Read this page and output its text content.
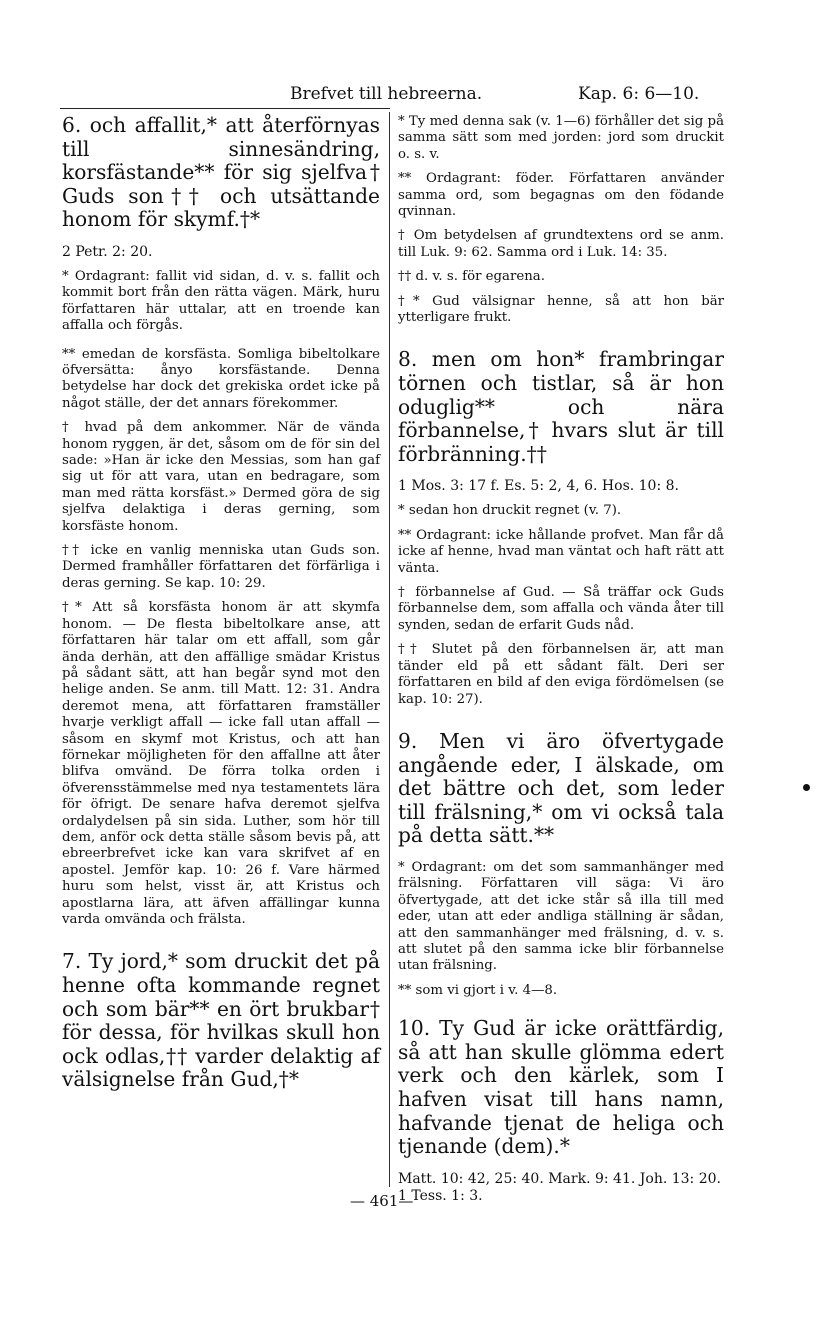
Brefvet till hebreerna.	Kap. 6: 6—10.

6. och affallit,* att återförnyas till sinnesändring, korsfästande** för sig sjelfva† Guds son†† och utsättande honom för skymf.†*

2 Petr. 2: 20.

* Ordagrant: fallit vid sidan, d. v. s. fallit och kommit bort från den rätta vägen. Märk, huru författaren här uttalar, att en troende kan affalla och förgås.

** emedan de korsfästa. Somliga bibeltolkare öfversätta: ånyo korsfästande. Denna betydelse har dock det grekiska ordet icke på något ställe, der det annars förekommer.

† hvad på dem ankommer. När de vända honom ryggen, är det, såsom om de för sin del sade: »Han är icke den Messias, som han gaf sig ut för att vara, utan en bedragare, som man med rätta korsfäst.» Dermed göra de sig sjelfva delaktiga i deras gerning, som korsfäste honom.

†† icke en vanlig menniska utan Guds son. Dermed framhåller författaren det förfärliga i deras gerning. Se kap. 10: 29.

†* Att så korsfästa honom är att skymfa honom. — De flesta bibeltolkare anse, att författaren här talar om ett affall, som går ända derhän, att den affällige smädar Kristus på sådant sätt, att han begår synd mot den helige anden. Se anm. till Matt. 12: 31. Andra deremot mena, att författaren framställer hvarje verkligt affall — icke fall utan affall — såsom en skymf mot Kristus, och att han förnekar möjligheten för den affallne att åter blifva omvänd. De förra tolka orden i öfverensstämmelse med nya testamentets lära för öfrigt. De senare hafva deremot sjelfva ordalydelsen på sin sida. Luther, som hör till dem, anför ock detta ställe såsom bevis på, att ebreerbrefvet icke kan vara skrifvet af en apostel. Jemför kap. 10: 26 f. Vare härmed huru som helst, visst är, att Kristus och apostlarna lära, att äfven affällingar kunna varda omvända och frälsta.

7. Ty jord,* som druckit det på henne ofta kommande regnet och som bär** en ört brukbar† för dessa, för hvilkas skull hon ock odlas,†† varder delaktig af välsignelse från Gud,†*

* Ty med denna sak (v. 1—6) förhåller det sig på samma sätt som med jorden: jord som druckit o. s. v.

** Ordagrant: föder. Författaren använder samma ord, som begagnas om den födande qvinnan.

† Om betydelsen af grundtextens ord se anm. till Luk. 9: 62. Samma ord i Luk. 14: 35.

†† d. v. s. för egarena.

†* Gud välsignar henne, så att hon bär ytterligare frukt.

8. men om hon* frambringar törnen och tistlar, så är hon oduglig** och nära förbannelse,† hvars slut är till förbränning.††

1 Mos. 3: 17 f. Es. 5: 2, 4, 6. Hos. 10: 8.

* sedan hon druckit regnet (v. 7).

** Ordagrant: icke hållande profvet. Man får då icke af henne, hvad man väntat och haft rätt att vänta.

† förbannelse af Gud. — Så träffar ock Guds förbannelse dem, som affalla och vända åter till synden, sedan de erfarit Guds nåd.

†† Slutet på den förbannelsen är, att man tänder eld på ett sådant fält. Deri ser författaren en bild af den eviga fördömelsen (se kap. 10: 27).

9. Men vi äro öfvertygade angående eder, I älskade, om det bättre och det, som leder till frälsning,* om vi också tala på detta sätt.**

* Ordagrant: om det som sammanhänger med frälsning. Författaren vill säga: Vi äro öfvertygade, att det icke står så illa till med eder, utan att eder andliga ställning är sådan, att den sammanhänger med frälsning, d. v. s. att slutet på den samma icke blir förbannelse utan frälsning.

** som vi gjort i v. 4—8.

10. Ty Gud är icke orättfärdig, så att han skulle glömma edert verk och den kärlek, som I hafven visat till hans namn, hafvande tjenat de heliga och tjenande (dem).*

Matt. 10: 42, 25: 40. Mark. 9: 41. Joh. 13: 20. 1 Tess. 1: 3.

— 461—
